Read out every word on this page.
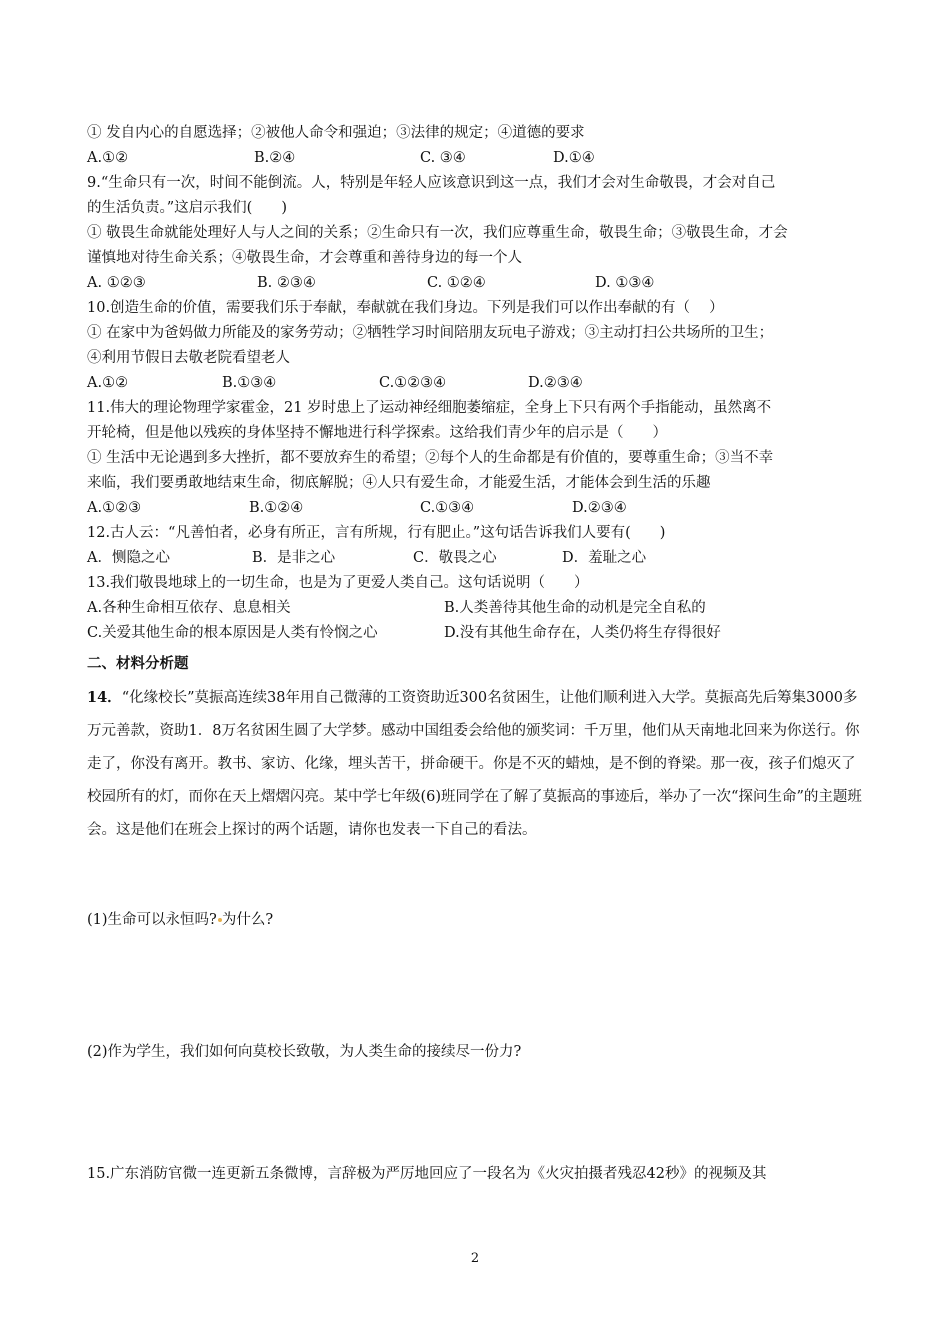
① 发自内心的自愿选择；②被他人命令和强迫；③法律的规定；④道德的要求
A.①②	B.②④	C. ③④	D.①④
9.“生命只有一次，时间不能倒流。人，特别是年轻人应该意识到这一点，我们才会对生命敬畏，才会对自己
的生活负责。”这启示我们(　　)
① 敬畏生命就能处理好人与人之间的关系；②生命只有一次，我们应尊重生命，敬畏生命；③敬畏生命，才会
谨慎地对待生命关系；④敬畏生命，才会尊重和善待身边的每一个人
A. ①②③	B. ②③④	C. ①②④	D. ①③④
10.创造生命的价值，需要我们乐于奉献，奉献就在我们身边。下列是我们可以作出奉献的有（　 ）
① 在家中为爸妈做力所能及的家务劳动；②牺牲学习时间陪朋友玩电子游戏；③主动打扫公共场所的卫生；
④利用节假日去敬老院看望老人
A.①②	B.①③④	C.①②③④	D.②③④
11.伟大的理论物理学家霍金，21 岁时患上了运动神经细胞萎缩症，全身上下只有两个手指能动，虽然离不
开轮椅，但是他以残疾的身体坚持不懈地进行科学探索。这给我们青少年的启示是（　　）
① 生活中无论遇到多大挫折，都不要放弃生的希望；②每个人的生命都是有价值的，要尊重生命；③当不幸
来临，我们要勇敢地结束生命，彻底解脱；④人只有爱生命，才能爱生活，才能体会到生活的乐趣
A.①②③	B.①②④	C.①③④	D.②③④
12.古人云：“凡善怕者，必身有所正，言有所规，行有肥止。”这句话告诉我们人要有(　　)
A．恻隐之心	B．是非之心	C．敬畏之心	D．羞耻之心
13.我们敬畏地球上的一切生命，也是为了更爱人类自己。这句话说明（　　）
A.各种生命相互依存、息息相关	B.人类善待其他生命的动机是完全自私的
C.关爱其他生命的根本原因是人类有怜悯之心	D.没有其他生命存在，人类仍将生存得很好
二、材料分析题
14．“化缘校长”莫振高连续38年用自己微薄的工资资助近300名贫困生，让他们顺利进入大学。莫振高先后筹集3000多万元善款，资助1．8万名贫困生圆了大学梦。感动中国组委会给他的颁奖词：千万里，他们从天南地北回来为你送行。你走了，你没有离开。教书、家访、化缘，埋头苦干，拼命硬干。你是不灭的蜡烛，是不倒的脊梁。那一夜，孩子们熄灭了校园所有的灯，而你在天上熠熠闪亮。某中学七年级(6)班同学在了解了莫振高的事迹后，举办了一次“探问生命”的主题班会。这是他们在班会上探讨的两个话题，请你也发表一下自己的看法。
(1)生命可以永恒吗? 为什么?
(2)作为学生，我们如何向莫校长致敬，为人类生命的接续尽一份力?
15.广东消防官微一连更新五条微博，言辞极为严厉地回应了一段名为《火灾拍摄者残忍42秒》的视频及其
2
